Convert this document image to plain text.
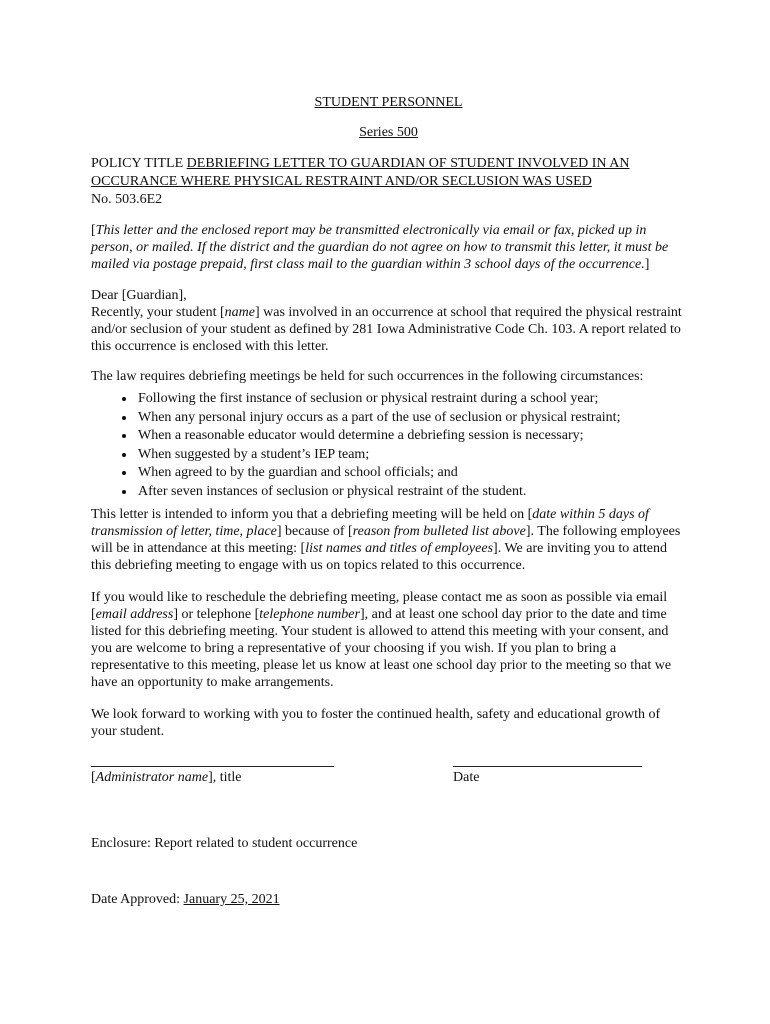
STUDENT PERSONNEL

Series 500

POLICY TITLE DEBRIEFING LETTER TO GUARDIAN OF STUDENT INVOLVED IN AN OCCURANCE WHERE PHYSICAL RESTRAINT AND/OR SECLUSION WAS USED
No. 503.6E2

[This letter and the enclosed report may be transmitted electronically via email or fax, picked up in person, or mailed. If the district and the guardian do not agree on how to transmit this letter, it must be mailed via postage prepaid, first class mail to the guardian within 3 school days of the occurrence.]

Dear [Guardian],
Recently, your student [name] was involved in an occurrence at school that required the physical restraint and/or seclusion of your student as defined by 281 Iowa Administrative Code Ch. 103. A report related to this occurrence is enclosed with this letter.

The law requires debriefing meetings be held for such occurrences in the following circumstances:

• Following the first instance of seclusion or physical restraint during a school year;
• When any personal injury occurs as a part of the use of seclusion or physical restraint;
• When a reasonable educator would determine a debriefing session is necessary;
• When suggested by a student’s IEP team;
• When agreed to by the guardian and school officials; and
• After seven instances of seclusion or physical restraint of the student.

This letter is intended to inform you that a debriefing meeting will be held on [date within 5 days of transmission of letter, time, place] because of [reason from bulleted list above]. The following employees will be in attendance at this meeting: [list names and titles of employees]. We are inviting you to attend this debriefing meeting to engage with us on topics related to this occurrence.

If you would like to reschedule the debriefing meeting, please contact me as soon as possible via email [email address] or telephone [telephone number], and at least one school day prior to the date and time listed for this debriefing meeting. Your student is allowed to attend this meeting with your consent, and you are welcome to bring a representative of your choosing if you wish. If you plan to bring a representative to this meeting, please let us know at least one school day prior to the meeting so that we have an opportunity to make arrangements.

We look forward to working with you to foster the continued health, safety and educational growth of your student.

[Administrator name], title	Date

Enclosure: Report related to student occurrence

Date Approved: January 25, 2021
